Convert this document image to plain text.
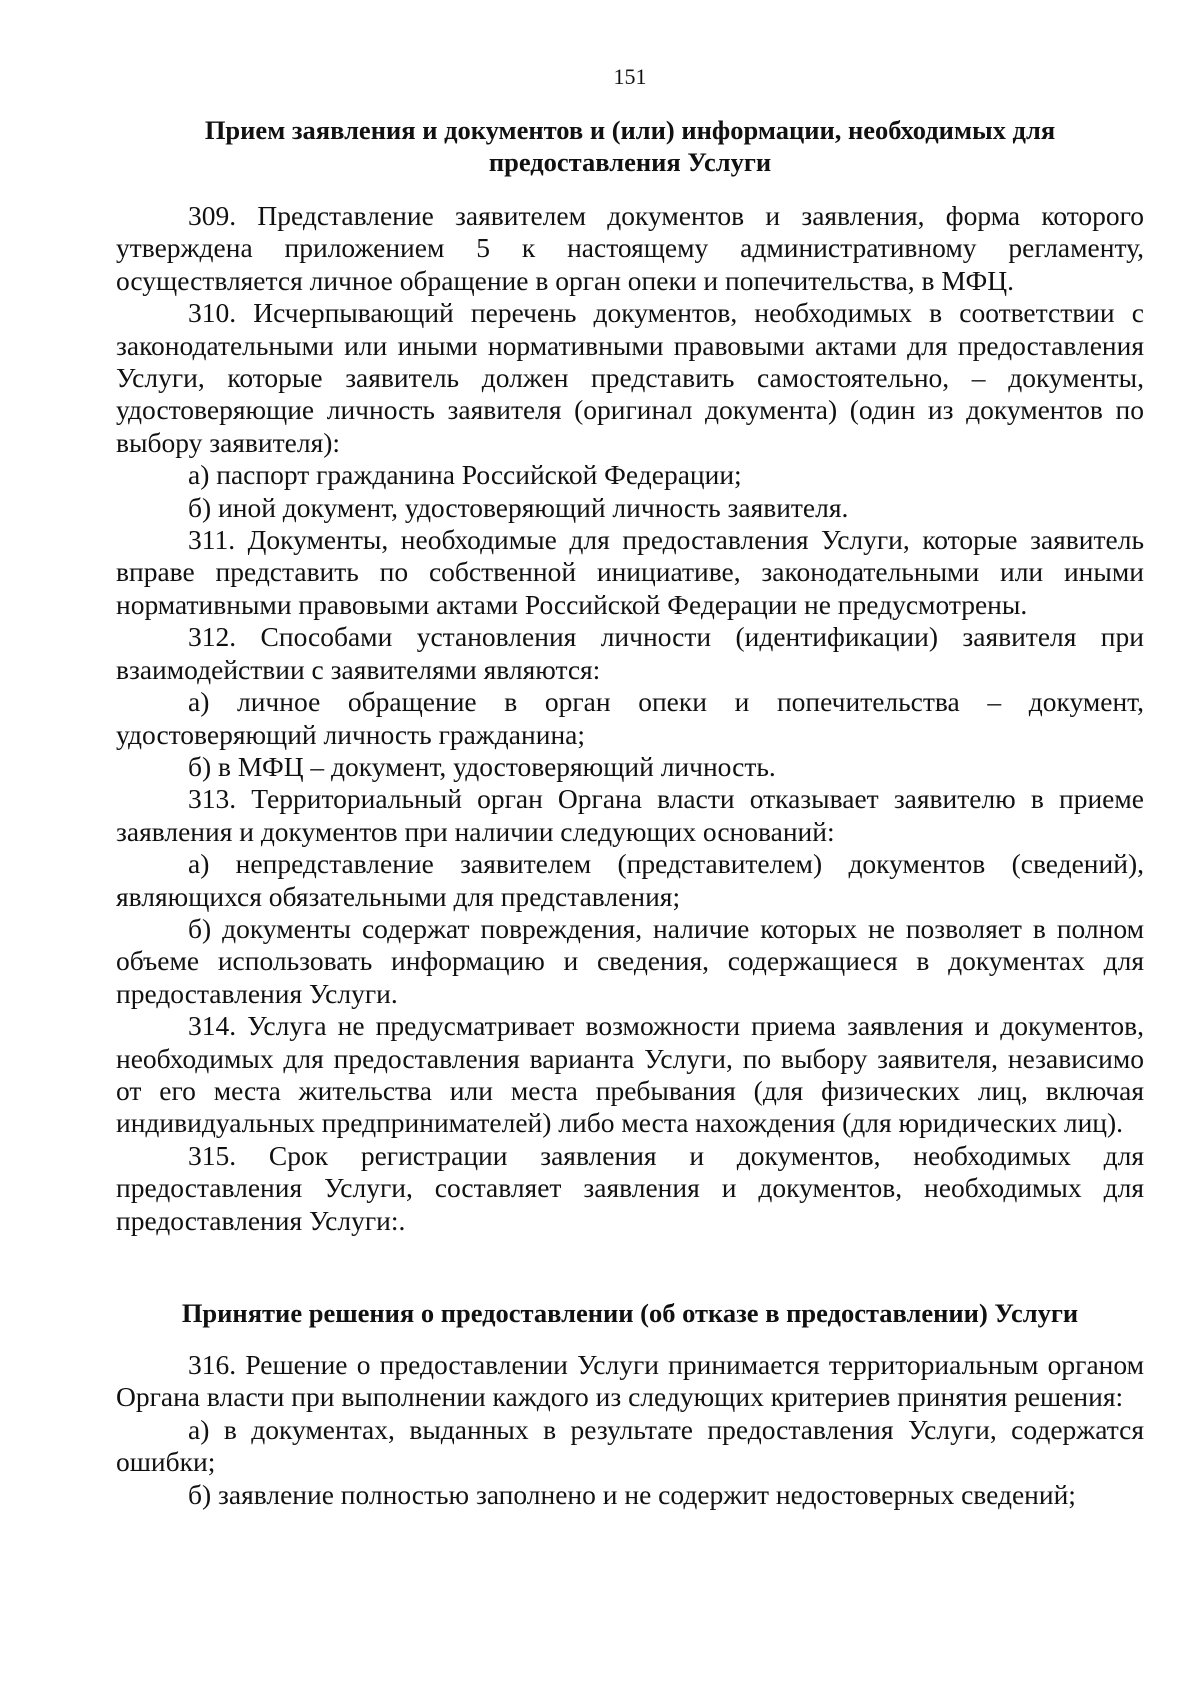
151
Прием заявления и документов и (или) информации, необходимых для предоставления Услуги

309. Представление заявителем документов и заявления, форма которого утверждена приложением 5 к настоящему административному регламенту, осуществляется личное обращение в орган опеки и попечительства, в МФЦ.

310. Исчерпывающий перечень документов, необходимых в соответствии с законодательными или иными нормативными правовыми актами для предоставления Услуги, которые заявитель должен представить самостоятельно, – документы, удостоверяющие личность заявителя (оригинал документа) (один из документов по выбору заявителя):

а) паспорт гражданина Российской Федерации;

б) иной документ, удостоверяющий личность заявителя.

311. Документы, необходимые для предоставления Услуги, которые заявитель вправе представить по собственной инициативе, законодательными или иными нормативными правовыми актами Российской Федерации не предусмотрены.

312. Способами установления личности (идентификации) заявителя при взаимодействии с заявителями являются:

а) личное обращение в орган опеки и попечительства – документ, удостоверяющий личность гражданина;

б) в МФЦ – документ, удостоверяющий личность.

313. Территориальный орган Органа власти отказывает заявителю в приеме заявления и документов при наличии следующих оснований:

а) непредставление заявителем (представителем) документов (сведений), являющихся обязательными для представления;

б) документы содержат повреждения, наличие которых не позволяет в полном объеме использовать информацию и сведения, содержащиеся в документах для предоставления Услуги.

314. Услуга не предусматривает возможности приема заявления и документов, необходимых для предоставления варианта Услуги, по выбору заявителя, независимо от его места жительства или места пребывания (для физических лиц, включая индивидуальных предпринимателей) либо места нахождения (для юридических лиц).

315. Срок регистрации заявления и документов, необходимых для предоставления Услуги, составляет заявления и документов, необходимых для предоставления Услуги:.

Принятие решения о предоставлении (об отказе в предоставлении) Услуги

316. Решение о предоставлении Услуги принимается территориальным органом Органа власти при выполнении каждого из следующих критериев принятия решения:

а) в документах, выданных в результате предоставления Услуги, содержатся ошибки;

б) заявление полностью заполнено и не содержит недостоверных сведений;
